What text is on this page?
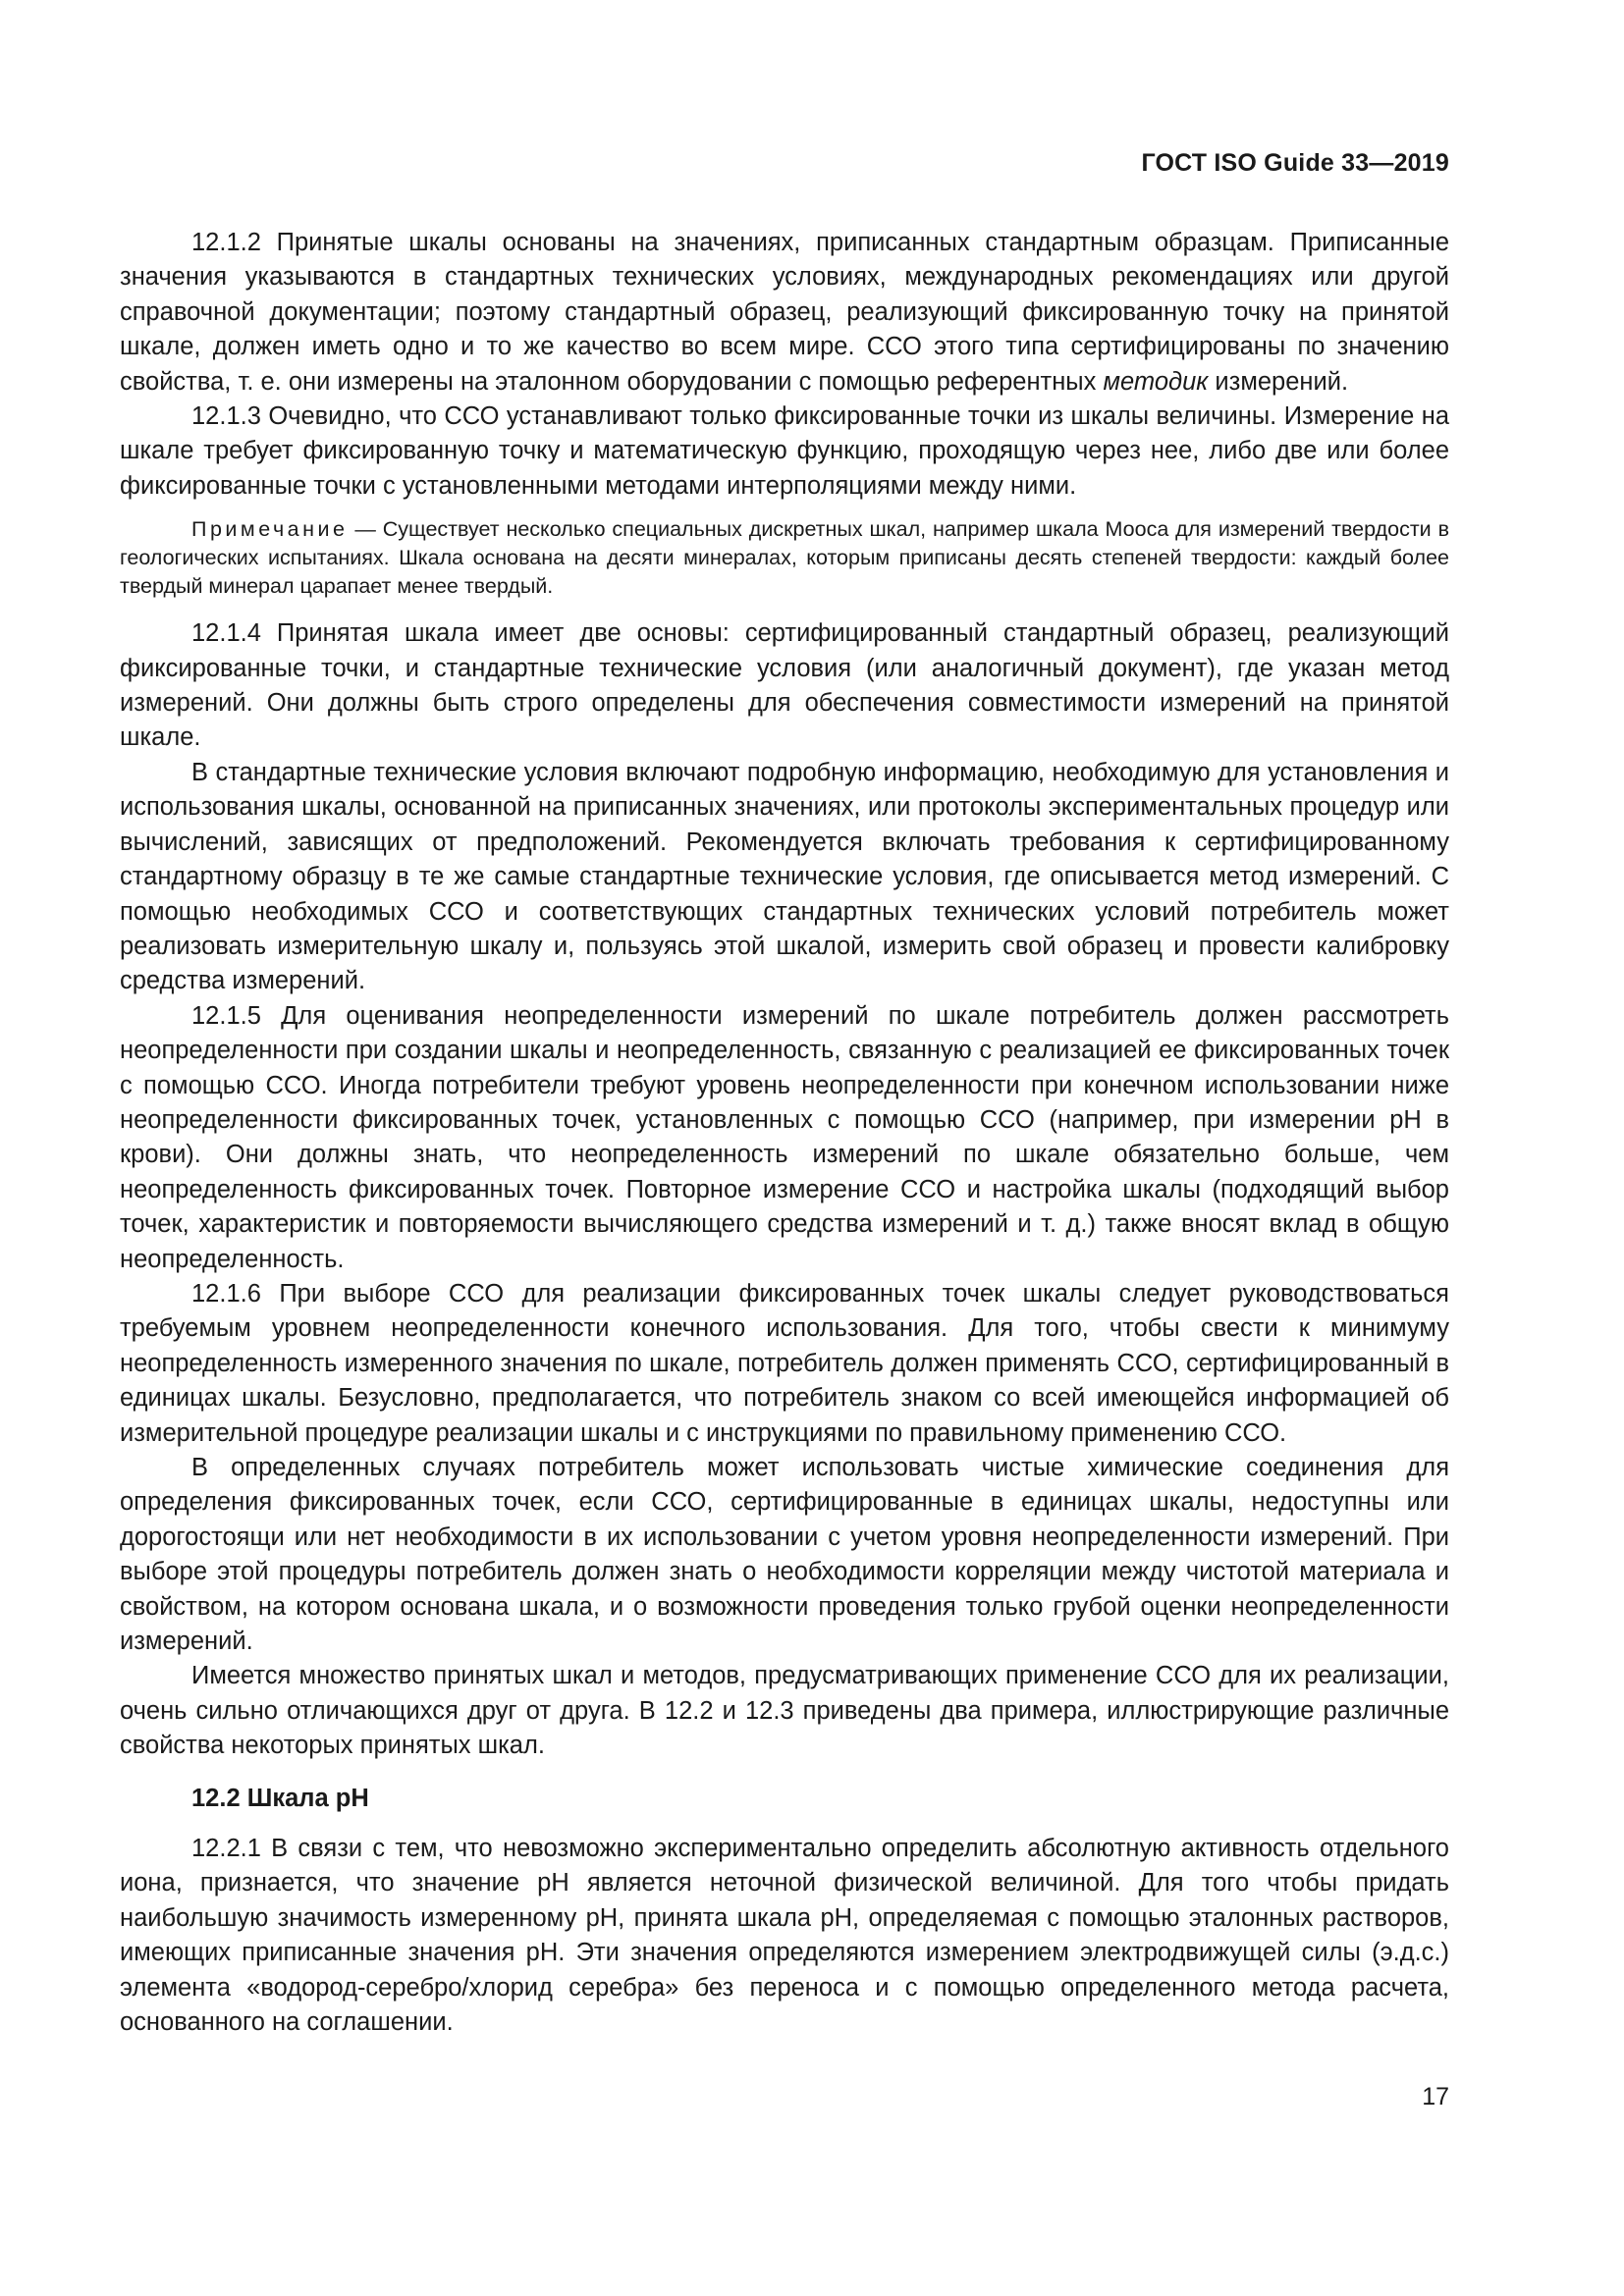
ГОСТ ISO Guide 33—2019

12.1.2 Принятые шкалы основаны на значениях, приписанных стандартным образцам. Приписанные значения указываются в стандартных технических условиях, международных рекомендациях или другой справочной документации; поэтому стандартный образец, реализующий фиксированную точку на принятой шкале, должен иметь одно и то же качество во всем мире. ССО этого типа сертифицированы по значению свойства, т. е. они измерены на эталонном оборудовании с помощью референтных методик измерений.

12.1.3 Очевидно, что ССО устанавливают только фиксированные точки из шкалы величины. Измерение на шкале требует фиксированную точку и математическую функцию, проходящую через нее, либо две или более фиксированные точки с установленными методами интерполяциями между ними.

Примечание — Существует несколько специальных дискретных шкал, например шкала Мооса для измерений твердости в геологических испытаниях. Шкала основана на десяти минералах, которым приписаны десять степеней твердости: каждый более твердый минерал царапает менее твердый.

12.1.4 Принятая шкала имеет две основы: сертифицированный стандартный образец, реализующий фиксированные точки, и стандартные технические условия (или аналогичный документ), где указан метод измерений. Они должны быть строго определены для обеспечения совместимости измерений на принятой шкале.

В стандартные технические условия включают подробную информацию, необходимую для установления и использования шкалы, основанной на приписанных значениях, или протоколы экспериментальных процедур или вычислений, зависящих от предположений. Рекомендуется включать требования к сертифицированному стандартному образцу в те же самые стандартные технические условия, где описывается метод измерений. С помощью необходимых ССО и соответствующих стандартных технических условий потребитель может реализовать измерительную шкалу и, пользуясь этой шкалой, измерить свой образец и провести калибровку средства измерений.

12.1.5 Для оценивания неопределенности измерений по шкале потребитель должен рассмотреть неопределенности при создании шкалы и неопределенность, связанную с реализацией ее фиксированных точек с помощью ССО. Иногда потребители требуют уровень неопределенности при конечном использовании ниже неопределенности фиксированных точек, установленных с помощью ССО (например, при измерении pH в крови). Они должны знать, что неопределенность измерений по шкале обязательно больше, чем неопределенность фиксированных точек. Повторное измерение ССО и настройка шкалы (подходящий выбор точек, характеристик и повторяемости вычисляющего средства измерений и т. д.) также вносят вклад в общую неопределенность.

12.1.6 При выборе ССО для реализации фиксированных точек шкалы следует руководствоваться требуемым уровнем неопределенности конечного использования. Для того, чтобы свести к минимуму неопределенность измеренного значения по шкале, потребитель должен применять ССО, сертифицированный в единицах шкалы. Безусловно, предполагается, что потребитель знаком со всей имеющейся информацией об измерительной процедуре реализации шкалы и с инструкциями по правильному применению ССО.

В определенных случаях потребитель может использовать чистые химические соединения для определения фиксированных точек, если ССО, сертифицированные в единицах шкалы, недоступны или дорогостоящи или нет необходимости в их использовании с учетом уровня неопределенности измерений. При выборе этой процедуры потребитель должен знать о необходимости корреляции между чистотой материала и свойством, на котором основана шкала, и о возможности проведения только грубой оценки неопределенности измерений.

Имеется множество принятых шкал и методов, предусматривающих применение ССО для их реализации, очень сильно отличающихся друг от друга. В 12.2 и 12.3 приведены два примера, иллюстрирующие различные свойства некоторых принятых шкал.

12.2 Шкала pH

12.2.1 В связи с тем, что невозможно экспериментально определить абсолютную активность отдельного иона, признается, что значение pH является неточной физической величиной. Для того чтобы придать наибольшую значимость измеренному pH, принята шкала pH, определяемая с помощью эталонных растворов, имеющих приписанные значения pH. Эти значения определяются измерением электродвижущей силы (э.д.с.) элемента «водород-серебро/хлорид серебра» без переноса и с помощью определенного метода расчета, основанного на соглашении.

17
